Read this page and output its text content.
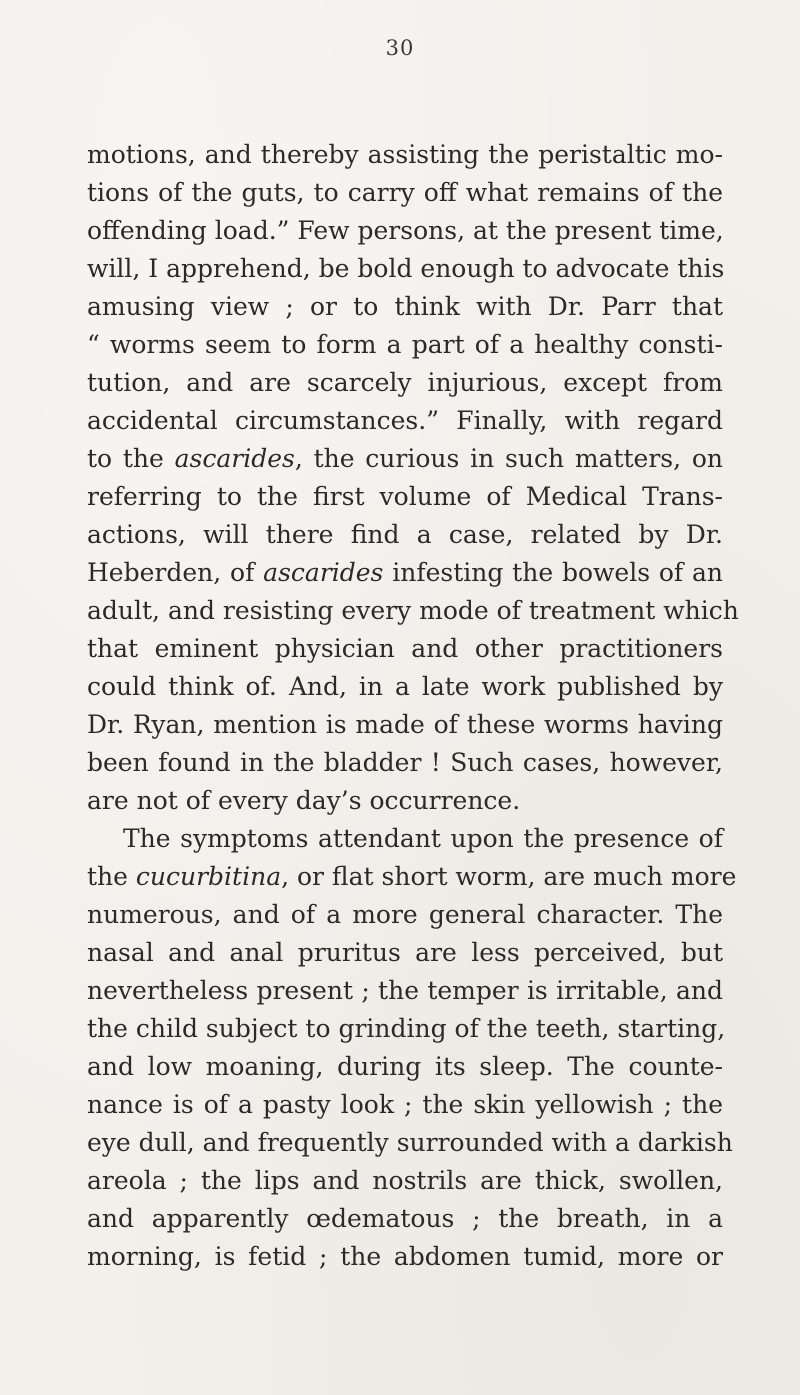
30
motions, and thereby assisting the peristaltic mo-
tions of the guts, to carry off what remains of the
offending load.” Few persons, at the present time,
will, I apprehend, be bold enough to advocate this
amusing view ; or to think with Dr. Parr that
“ worms seem to form a part of a healthy consti-
tution, and are scarcely injurious, except from
accidental circumstances.” Finally, with regard
to the ascarides, the curious in such matters, on
referring to the first volume of Medical Trans-
actions, will there find a case, related by Dr.
Heberden, of ascarides infesting the bowels of an
adult, and resisting every mode of treatment which
that eminent physician and other practitioners
could think of. And, in a late work published by
Dr. Ryan, mention is made of these worms having
been found in the bladder ! Such cases, however,
are not of every day’s occurrence.
The symptoms attendant upon the presence of
the cucurbitina, or flat short worm, are much more
numerous, and of a more general character. The
nasal and anal pruritus are less perceived, but
nevertheless present ; the temper is irritable, and
the child subject to grinding of the teeth, starting,
and low moaning, during its sleep. The counte-
nance is of a pasty look ; the skin yellowish ; the
eye dull, and frequently surrounded with a darkish
areola ; the lips and nostrils are thick, swollen,
and apparently œdematous ; the breath, in a
morning, is fetid ; the abdomen tumid, more or
